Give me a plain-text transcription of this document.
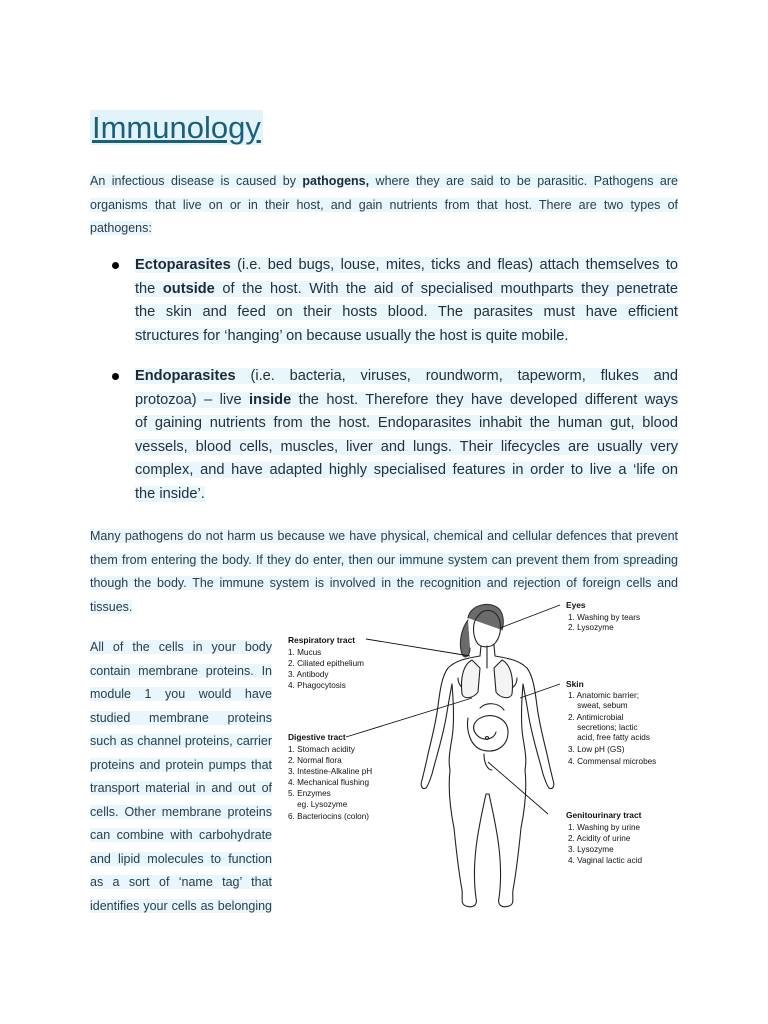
Immunology
An infectious disease is caused by pathogens, where they are said to be parasitic. Pathogens are
organisms that live on or in their host, and gain nutrients from that host. There are two types of
pathogens:
Ectoparasites (i.e. bed bugs, louse, mites, ticks and fleas) attach themselves to
the outside of the host. With the aid of specialised mouthparts they penetrate
the skin and feed on their hosts blood. The parasites must have efficient
structures for ‘hanging’ on because usually the host is quite mobile.
Endoparasites (i.e. bacteria, viruses, roundworm, tapeworm, flukes and
protozoa) – live inside the host. Therefore they have developed different ways
of gaining nutrients from the host. Endoparasites inhabit the human gut, blood
vessels, blood cells, muscles, liver and lungs. Their lifecycles are usually very
complex, and have adapted highly specialised features in order to live a ‘life on
the inside’.
Many pathogens do not harm us because we have physical, chemical and cellular defences that prevent
them from entering the body. If they do enter, then our immune system can prevent them from spreading
though the body. The immune system is involved in the recognition and rejection of foreign cells and
tissues.
All of the cells in your body
contain membrane proteins. In
module 1 you would have
studied membrane proteins
such as channel proteins, carrier
proteins and protein pumps that
transport material in and out of
cells. Other membrane proteins
can combine with carbohydrate
and lipid molecules to function
as a sort of ‘name tag’ that
identifies your cells as belonging
Eyes
1. Washing by tears
2. Lysozyme
Respiratory tract
1. Mucus
2. Ciliated epithelium
3. Antibody
4. Phagocytosis	Skin
1. Anatomic barrier;
sweat, sebum
2. Antimicrobial
secretions; lactic
acid, free fatty acids
3. Low pH (GS)
4. Commensal microbes
Digestive tract
1. Stomach acidity
2. Normal flora
3. Intestine-Alkaline pH
4. Mechanical flushing
5. Enzymes
eg. Lysozyme
6. Bacteriocins (colon)	Genitourinary tract
1. Washing by urine
2. Acidity of urine
3. Lysozyme
4. Vaginal lactic acid
